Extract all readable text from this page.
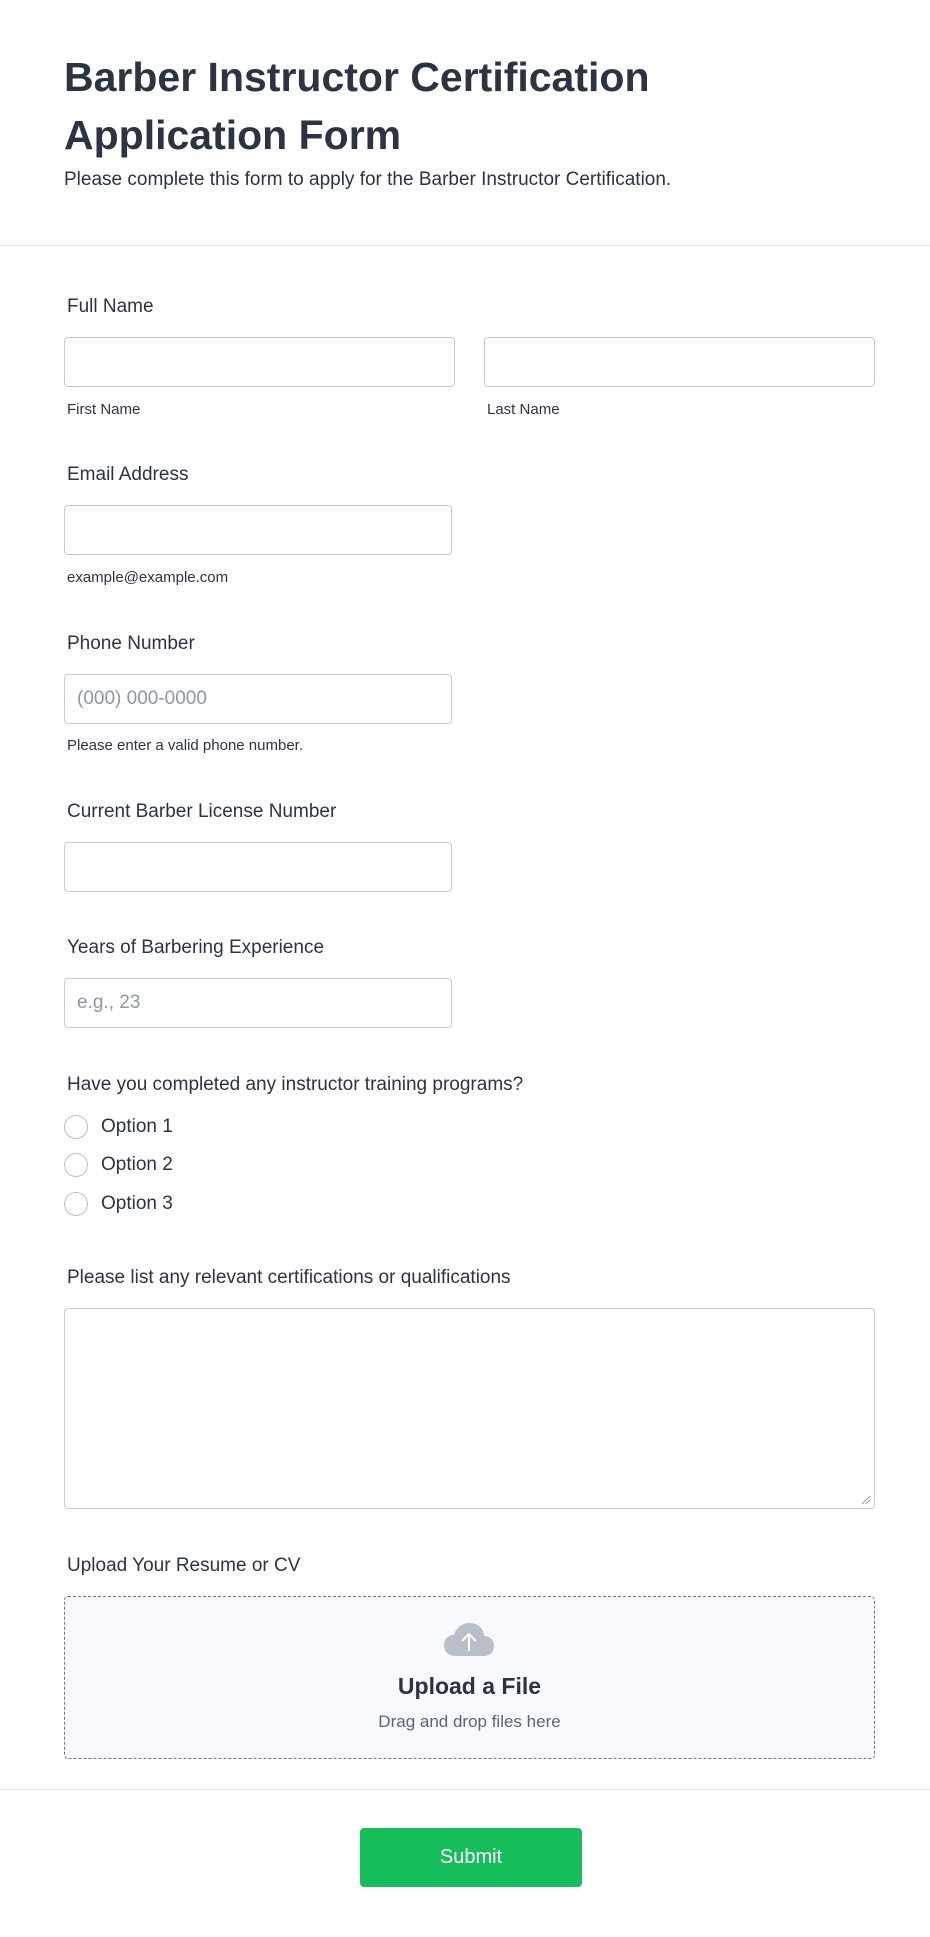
Barber Instructor Certification Application Form

Please complete this form to apply for the Barber Instructor Certification.

Full Name
First Name	Last Name
Email Address
example@example.com
Phone Number
(000) 000-0000
Please enter a valid phone number.
Current Barber License Number
Years of Barbering Experience
e.g., 23
Have you completed any instructor training programs?
Option 1
Option 2
Option 3
Please list any relevant certifications or qualifications
Upload Your Resume or CV
Upload a File
Drag and drop files here
Submit
